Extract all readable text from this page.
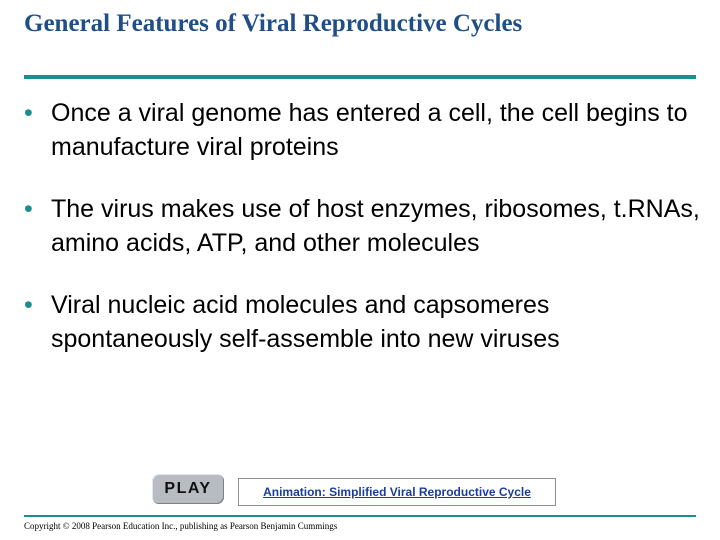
General Features of Viral Reproductive Cycles
• Once a viral genome has entered a cell, the cell begins to manufacture viral proteins
• The virus makes use of host enzymes, ribosomes, t.RNAs, amino acids, ATP, and other molecules
• Viral nucleic acid molecules and capsomeres spontaneously self-assemble into new viruses
PLAY	Animation: Simplified Viral Reproductive Cycle
Copyright © 2008 Pearson Education Inc., publishing as Pearson Benjamin Cummings
